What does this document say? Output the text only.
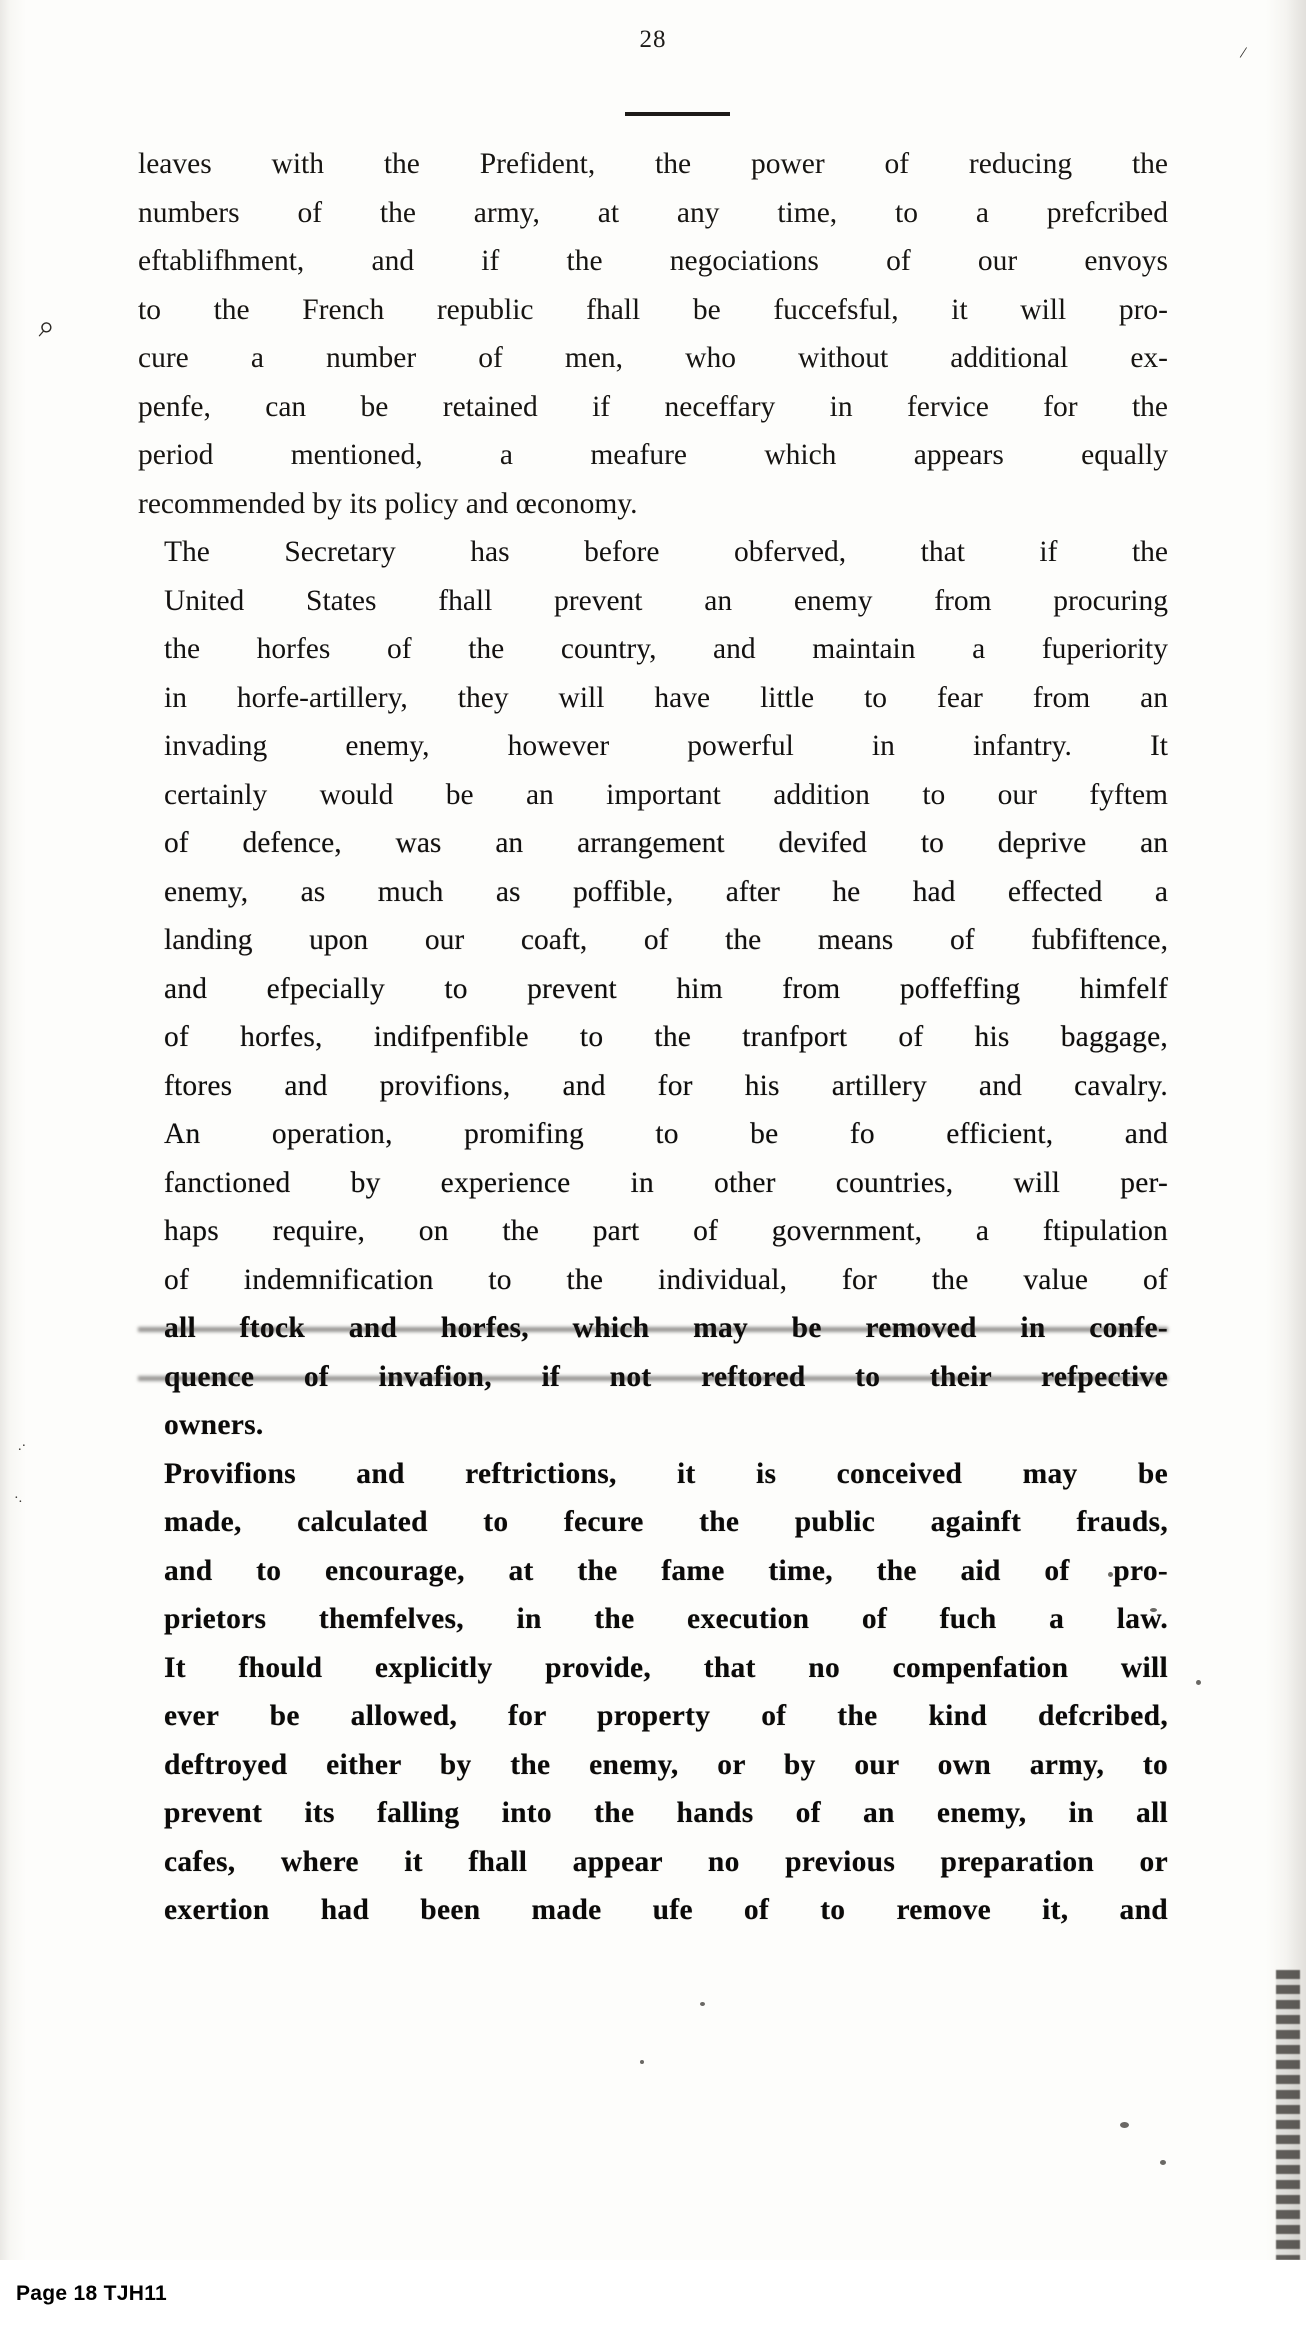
/
⌕
.·
·.
28

leaves with the Prefident, the power of reducing the
numbers of the army, at any time, to a prefcribed
eftablifhment, and if the negociations of our envoys
to the French republic fhall be fuccefsful, it will pro-
cure a number of men, who without additional ex-
penfe, can be retained if neceffary in fervice for the
period mentioned, a meafure which appears equally
recommended by its policy and œconomy.

The Secretary has before obferved, that if the
United States fhall prevent an enemy from procuring
the horfes of the country, and maintain a fuperiority
in horfe-artillery, they will have little to fear from an
invading enemy, however powerful in infantry. It
certainly would be an important addition to our fyftem
of defence, was an arrangement devifed to deprive an
enemy, as much as poffible, after he had effected a
landing upon our coaft, of the means of fubfiftence,
and efpecially to prevent him from poffeffing himfelf
of horfes, indifpenfible to the tranfport of his baggage,
ftores and provifions, and for his artillery and cavalry.

An operation, promifing to be fo efficient, and
fanctioned by experience in other countries, will per-
haps require, on the part of government, a ftipulation
of indemnification to the individual, for the value of
all ftock and horfes, which may be removed in confe-
quence of invafion, if not reftored to their refpective
owners.

Provifions and reftrictions, it is conceived may be
made, calculated to fecure the public againft frauds,
and to encourage, at the fame time, the aid of pro-
prietors themfelves, in the execution of fuch a law.
It fhould explicitly provide, that no compenfation will
ever be allowed, for property of the kind defcribed,
deftroyed either by the enemy, or by our own army, to
prevent its falling into the hands of an enemy, in all
cafes, where it fhall appear no previous preparation or
exertion had been made ufe of to remove it, and

Page 18 TJH11
